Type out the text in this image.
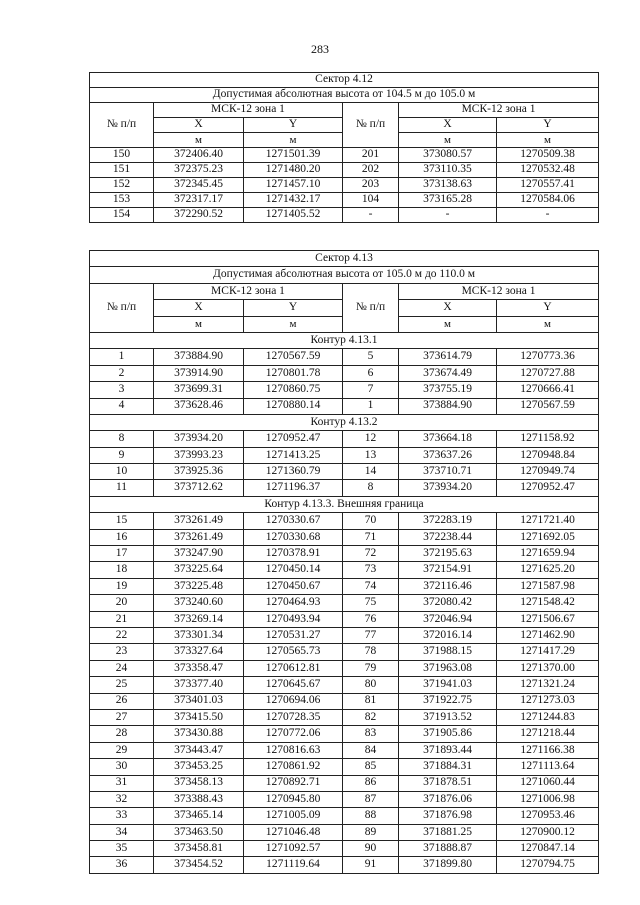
283
Сектор 4.12					
Допустимая абсолютная высота от 104.5 м до 105.0 м					
№ п/п	МСК-12 зона 1		№ п/п	МСК-12 зона 1	
	X	Y		X	Y
	м	м		м	м
150	372406.40	1271501.39	201	373080.57	1270509.38
151	372375.23	1271480.20	202	373110.35	1270532.48
152	372345.45	1271457.10	203	373138.63	1270557.41
153	372317.17	1271432.17	104	373165.28	1270584.06
154	372290.52	1271405.52	-	-	-
Сектор 4.13					
Допустимая абсолютная высота от 105.0 м до 110.0 м					
№ п/п	МСК-12 зона 1		№ п/п	МСК-12 зона 1	
	X	Y		X	Y
	м	м		м	м
Контур 4.13.1					
1	373884.90	1270567.59	5	373614.79	1270773.36
2	373914.90	1270801.78	6	373674.49	1270727.88
3	373699.31	1270860.75	7	373755.19	1270666.41
4	373628.46	1270880.14	1	373884.90	1270567.59
Контур 4.13.2					
8	373934.20	1270952.47	12	373664.18	1271158.92
9	373993.23	1271413.25	13	373637.26	1270948.84
10	373925.36	1271360.79	14	373710.71	1270949.74
11	373712.62	1271196.37	8	373934.20	1270952.47
Контур 4.13.3. Внешняя граница					
15	373261.49	1270330.67	70	372283.19	1271721.40
16	373261.49	1270330.68	71	372238.44	1271692.05
17	373247.90	1270378.91	72	372195.63	1271659.94
18	373225.64	1270450.14	73	372154.91	1271625.20
19	373225.48	1270450.67	74	372116.46	1271587.98
20	373240.60	1270464.93	75	372080.42	1271548.42
21	373269.14	1270493.94	76	372046.94	1271506.67
22	373301.34	1270531.27	77	372016.14	1271462.90
23	373327.64	1270565.73	78	371988.15	1271417.29
24	373358.47	1270612.81	79	371963.08	1271370.00
25	373377.40	1270645.67	80	371941.03	1271321.24
26	373401.03	1270694.06	81	371922.75	1271273.03
27	373415.50	1270728.35	82	371913.52	1271244.83
28	373430.88	1270772.06	83	371905.86	1271218.44
29	373443.47	1270816.63	84	371893.44	1271166.38
30	373453.25	1270861.92	85	371884.31	1271113.64
31	373458.13	1270892.71	86	371878.51	1271060.44
32	373388.43	1270945.80	87	371876.06	1271006.98
33	373465.14	1271005.09	88	371876.98	1270953.46
34	373463.50	1271046.48	89	371881.25	1270900.12
35	373458.81	1271092.57	90	371888.87	1270847.14
36	373454.52	1271119.64	91	371899.80	1270794.75
